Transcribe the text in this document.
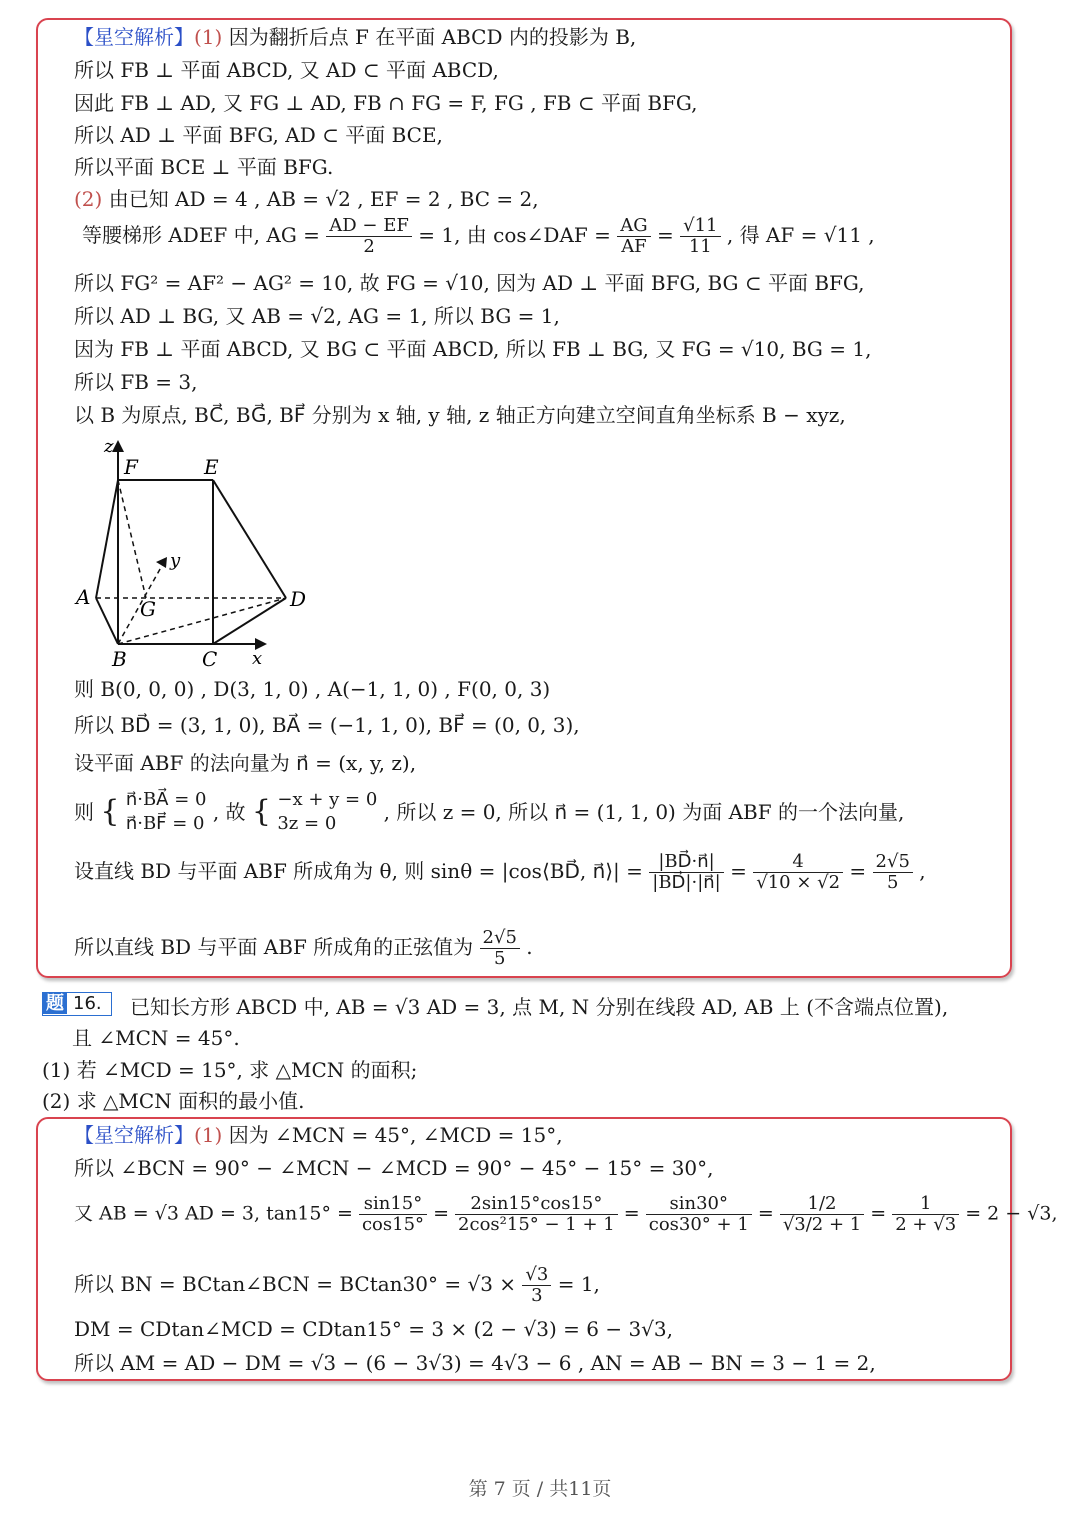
【星空解析】(1) 因为翻折后点 F 在平面 ABCD 内的投影为 B,
所以 FB ⊥ 平面 ABCD, 又 AD ⊂ 平面 ABCD,
因此 FB ⊥ AD, 又 FG ⊥ AD, FB ∩ FG = F, FG , FB ⊂ 平面 BFG,
所以 AD ⊥ 平面 BFG, AD ⊂ 平面 BCE,
所以平面 BCE ⊥ 平面 BFG.
(2) 由已知 AD = 4 , AB = √2 , EF = 2 , BC = 2,
等腰梯形 ADEF 中, AG = $\frac{AD - EF}{2} = 1$, 由 cos∠DAF = $\frac{AG}{AF} = \frac{√11}{11}$ , 得 AF = √11 ,
所以 FG² = AF² − AG² = 10, 故 FG = √10, 因为 AD ⊥ 平面 BFG, BG ⊂ 平面 BFG,
所以 AD ⊥ BG, 又 AB = √2, AG = 1, 所以 BG = 1,
因为 FB ⊥ 平面 ABCD, 又 BG ⊂ 平面 ABCD, 所以 FB ⊥ BG, 又 FG = √10, BG = 1,
所以 FB = 3,
以 B 为原点, BC⃗, BG⃗, BF⃗ 分别为 x 轴, y 轴, z 轴正方向建立空间直角坐标系 B − xyz,
z
F	E
y
A G	D
B	C x
则 B(0, 0, 0) , D(3, 1, 0) , A(−1, 1, 0) , F(0, 0, 3)
所以 BD⃗ = (3, 1, 0), BA⃗ = (−1, 1, 0), BF⃗ = (0, 0, 3),
设平面 ABF 的法向量为 n⃗ = (x, y, z),
则 { n⃗·BA⃗ = 0
n⃗·BF⃗ = 0 , 故 { −x + y = 0
3z = 0	, 所以 z = 0, 所以 n⃗ = (1, 1, 0) 为面 ABF 的一个法向量,
设直线 BD 与平面 ABF 所成角为 θ, 则 sinθ = |cos⟨BD⃗, n⃗⟩| = $\frac{|BD⃗\cdot n⃗|}{|BD⃗|\cdot|n⃗|} = \frac{4}{√10 \times √2} = \frac{2√5}{5}$ ,
所以直线 BD 与平面 ABF 所成角的正弦值为 $\frac{2√5}{5}$ .
题 16. 已知长方形 ABCD 中, AB = √3 AD = 3, 点 M, N 分别在线段 AD, AB 上 (不含端点位置),
且 ∠MCN = 45°.
(1) 若 ∠MCD = 15°, 求 △MCN 的面积;
(2) 求 △MCN 面积的最小值.
【星空解析】(1) 因为 ∠MCN = 45°, ∠MCD = 15°,
所以 ∠BCN = 90° − ∠MCN − ∠MCD = 90° − 45° − 15° = 30°,
又 AB = √3 AD = 3, $\tan 15^\circ = \frac{\sin 15^\circ}{\cos 15^\circ} = \frac{2\sin 15^\circ\cos 15^\circ}{\text{2cos²15° − 1 + 1}} = \frac{\sin 30^\circ}{\cos 30^\circ + 1} = \frac{1/2}{√3/2 + 1} = \frac{1}{2 + √3} = 2 - √3$,
所以 BN = BCtan∠BCN = $BCtan30^\circ = √3 \times \frac{√3}{3} = 1$,
DM = CDtan∠MCD = CDtan15° = 3 × (2 − √3) = 6 − 3√3,
所以 AM = AD − DM = √3 − (6 − 3√3) = 4√3 − 6 , AN = AB − BN = 3 − 1 = 2,
第 7 页 / 共11页
